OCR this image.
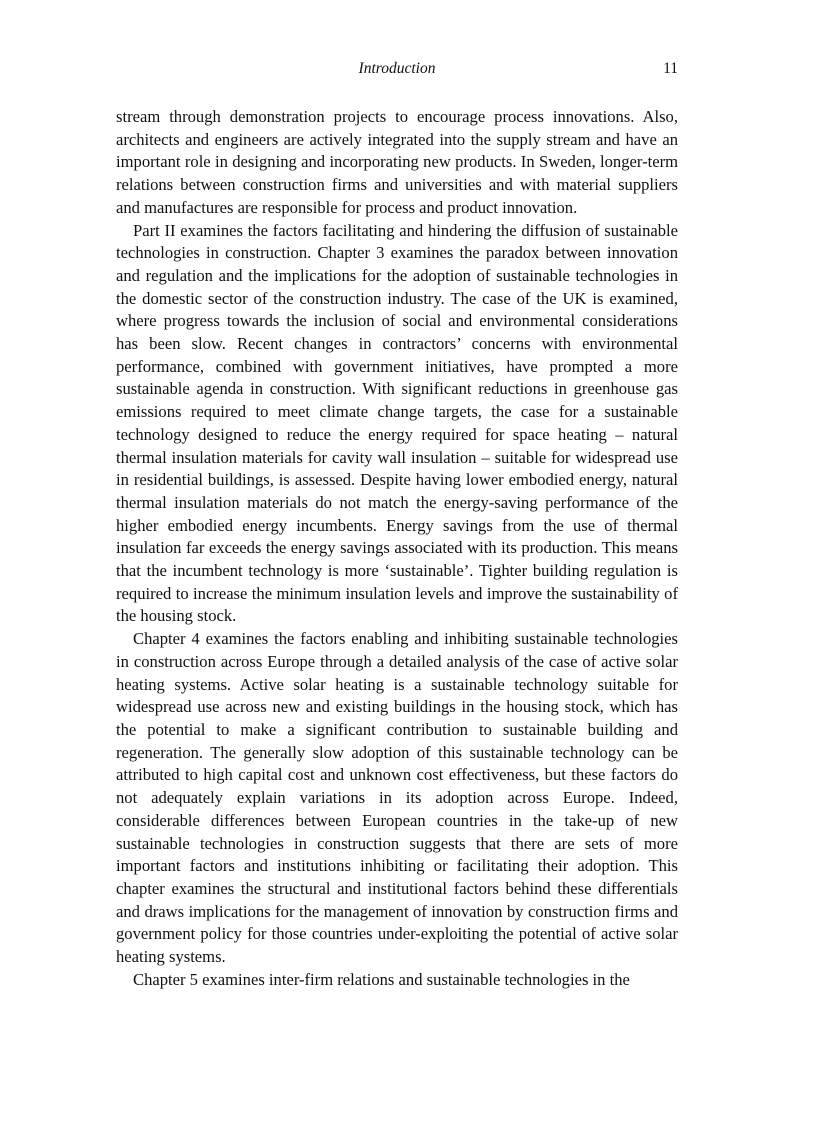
Introduction	11

stream through demonstration projects to encourage process innovations. Also, architects and engineers are actively integrated into the supply stream and have an important role in designing and incorporating new products. In Sweden, longer-term relations between construction firms and universities and with material suppliers and manufactures are responsible for process and product innovation.

Part II examines the factors facilitating and hindering the diffusion of sustainable technologies in construction. Chapter 3 examines the paradox between innovation and regulation and the implications for the adoption of sustainable technologies in the domestic sector of the construction industry. The case of the UK is examined, where progress towards the inclusion of social and environmental considerations has been slow. Recent changes in contractors’ concerns with environmental performance, combined with government initiatives, have prompted a more sustainable agenda in construction. With significant reductions in greenhouse gas emissions required to meet climate change targets, the case for a sustainable technology designed to reduce the energy required for space heating – natural thermal insulation materials for cavity wall insulation – suitable for widespread use in residential buildings, is assessed. Despite having lower embodied energy, natural thermal insulation materials do not match the energy-saving performance of the higher embodied energy incumbents. Energy savings from the use of thermal insulation far exceeds the energy savings associated with its production. This means that the incumbent technology is more ‘sustainable’. Tighter building regulation is required to increase the minimum insulation levels and improve the sustainability of the housing stock.

Chapter 4 examines the factors enabling and inhibiting sustainable technologies in construction across Europe through a detailed analysis of the case of active solar heating systems. Active solar heating is a sustainable technology suitable for widespread use across new and existing buildings in the housing stock, which has the potential to make a significant contribution to sustainable building and regeneration. The generally slow adoption of this sustainable technology can be attributed to high capital cost and unknown cost effectiveness, but these factors do not adequately explain variations in its adoption across Europe. Indeed, considerable differences between European countries in the take-up of new sustainable technologies in construction suggests that there are sets of more important factors and institutions inhibiting or facilitating their adoption. This chapter examines the structural and institutional factors behind these differentials and draws implications for the management of innovation by construction firms and government policy for those countries under-exploiting the potential of active solar heating systems.

Chapter 5 examines inter-firm relations and sustainable technologies in the
